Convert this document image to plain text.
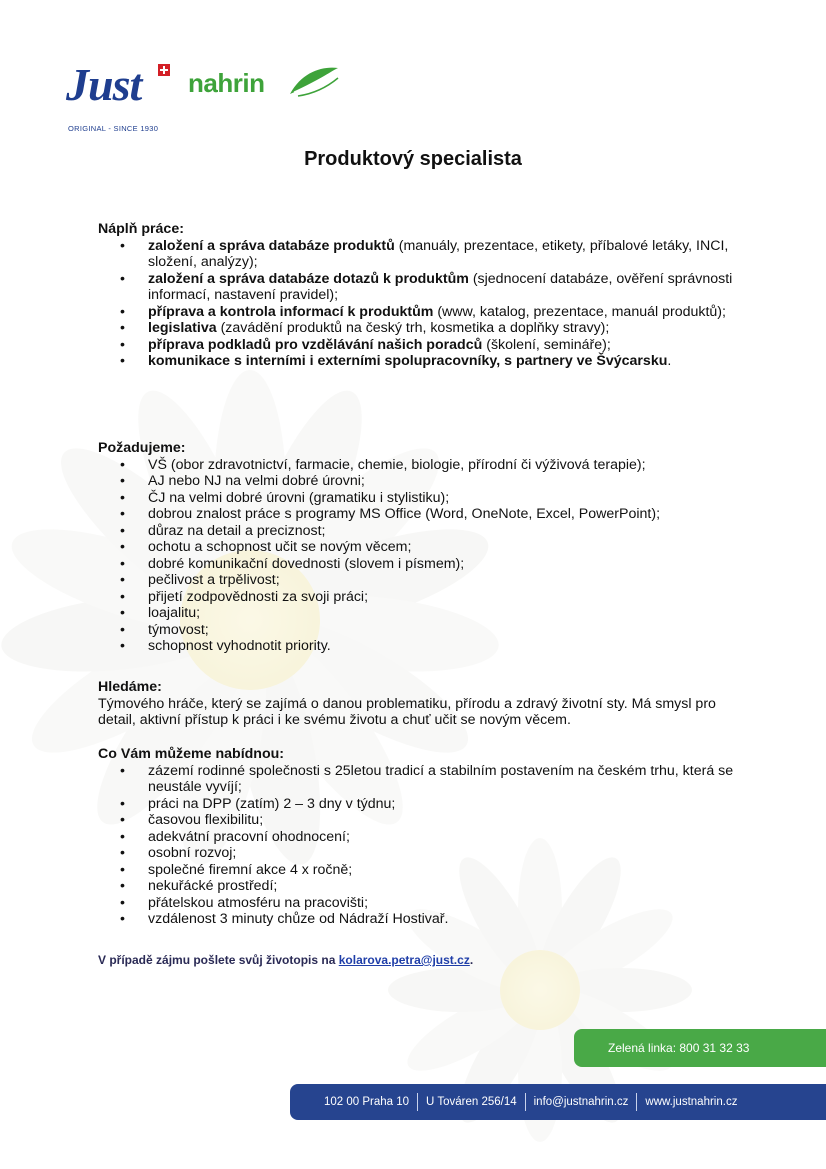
Just
ORIGINAL - SINCE 1930
nahrin
Produktový specialista
Náplň práce:
• založení a správa databáze produktů (manuály, prezentace, etikety, příbalové letáky, INCI, složení, analýzy);
• založení a správa databáze dotazů k produktům (sjednocení databáze, ověření správnosti informací, nastavení pravidel);
• příprava a kontrola informací k produktům (www, katalog, prezentace, manuál produktů);
• legislativa (zavádění produktů na český trh, kosmetika a doplňky stravy);
• příprava podkladů pro vzdělávání našich poradců (školení, semináře);
• komunikace s interními i externími spolupracovníky, s partnery ve Švýcarsku.
Požadujeme:
• VŠ (obor zdravotnictví, farmacie, chemie, biologie, přírodní či výživová terapie);
• AJ nebo NJ na velmi dobré úrovni;
• ČJ na velmi dobré úrovni (gramatiku i stylistiku);
• dobrou znalost práce s programy MS Office (Word, OneNote, Excel, PowerPoint);
• důraz na detail a preciznost;
• ochotu a schopnost učit se novým věcem;
• dobré komunikační dovednosti (slovem i písmem);
• pečlivost a trpělivost;
• přijetí zodpovědnosti za svoji práci;
• loajalitu;
• týmovost;
• schopnost vyhodnotit priority.
Hledáme:

Týmového hráče, který se zajímá o danou problematiku, přírodu a zdravý životní sty. Má smysl pro detail, aktivní přístup k práci i ke svému životu a chuť učit se novým věcem.

Co Vám můžeme nabídnou:
• zázemí rodinné společnosti s 25letou tradicí a stabilním postavením na českém trhu, která se neustále vyvíjí;
• práci na DPP (zatím) 2 – 3 dny v týdnu;
• časovou flexibilitu;
• adekvátní pracovní ohodnocení;
• osobní rozvoj;
• společné firemní akce 4 x ročně;
• nekuřácké prostředí;
• přátelskou atmosféru na pracovišti;
• vzdálenost 3 minuty chůze od Nádraží Hostivař.
V případě zájmu pošlete svůj životopis na kolarova.petra@just.cz.
Zelená linka: 800 31 32 33
102 00 Praha 10 U Továren 256/14 info@justnahrin.cz www.justnahrin.cz
